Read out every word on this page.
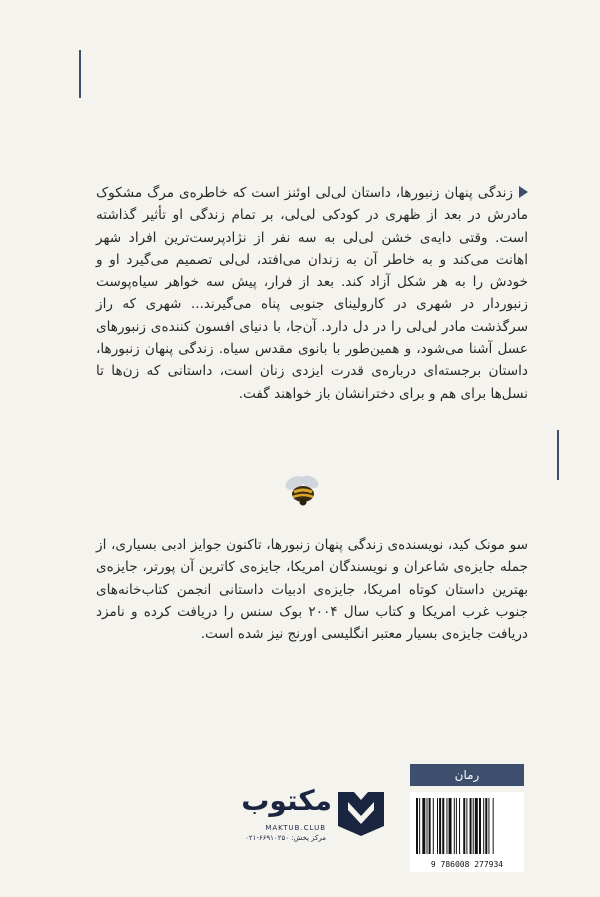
زندگی پنهان زنبورها، داستان لی‌لی اوئنز است که خاطره‌ی مرگ مشکوک مادرش در بعد از ظهری در کودکی لی‌لی، بر تمام زندگی او تأثیر گذاشته است. وقتی دایه‌ی خشن لی‌لی به سه نفر از نژادپرست‌ترین افراد شهر اهانت می‌کند و به خاطر آن به زندان می‌افتد، لی‌لی تصمیم می‌گیرد او و خودش را به هر شکل آزاد کند. بعد از فرار، پیش سه خواهر سیاه‌پوست زنبوردار در شهری در کارولینای جنوبی پناه می‌گیرند... شهری که راز سرگذشت مادر لی‌لی را در دل دارد. آن‌جا، با دنیای افسون کننده‌ی زنبورهای عسل آشنا می‌شود، و همین‌طور با بانوی مقدس سیاه. زندگی پنهان زنبورها، داستان برجسته‌ای درباره‌ی قدرت ایزدی زنان است، داستانی که زن‌ها تا نسل‌ها برای هم و برای دخترانشان باز خواهند گفت.
سو مونک کید، نویسنده‌ی زندگی پنهان زنبورها، تاکنون جوایز ادبی بسیاری، از جمله جایزه‌ی شاعران و نویسندگان امریکا، جایزه‌ی کاترین آن پورتر، جایزه‌ی بهترین داستان کوتاه امریکا، جایزه‌ی ادبیات داستانی انجمن کتاب‌خانه‌های جنوب غرب امریکا و کتاب سال ۲۰۰۴ بوک سنس را دریافت کرده و نامزد دریافت جایزه‌ی بسیار معتبر انگلیسی اورنج نیز شده است.
مکتوب
MAKTUB.CLUB
مرکز پخش: ۶۶۹۱۰۲۵۰-۰۲۱
رمان
9 786008 277934
